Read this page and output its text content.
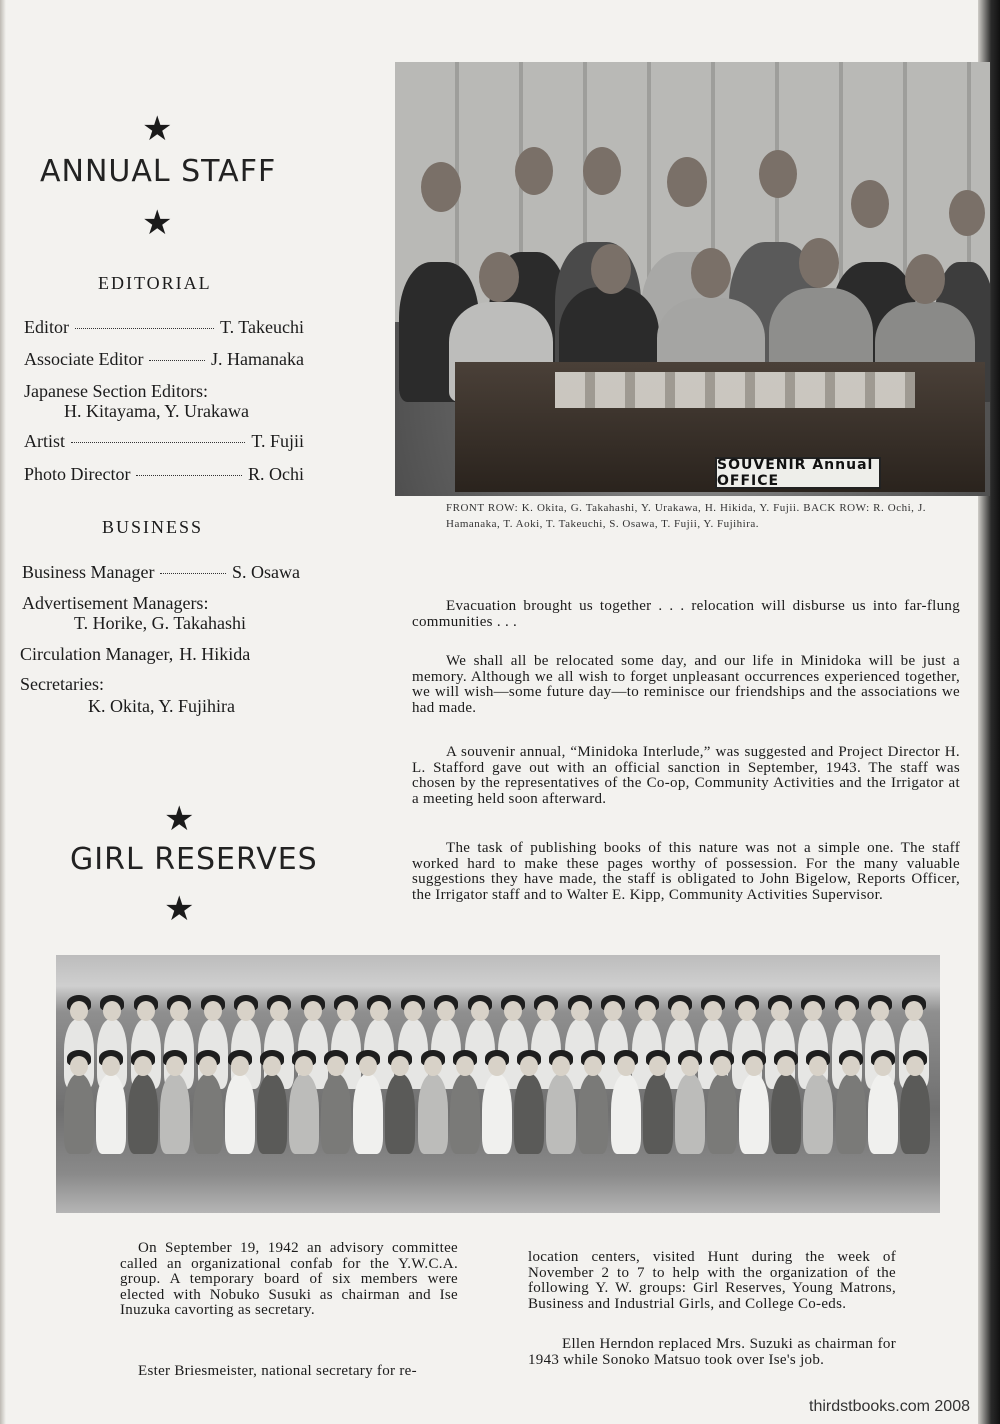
★
ANNUAL STAFF
★
EDITORIAL
Editor	T. Takeuchi
Associate Editor	J. Hamanaka
Japanese Section Editors:
H. Kitayama, Y. Urakawa
Artist	T. Fujii
Photo Director	R. Ochi
BUSINESS
Business Manager	S. Osawa
Advertisement Managers:
T. Horike, G. Takahashi
Circulation Manager, H. Hikida
Secretaries:
K. Okita, Y. Fujihira
SOUVENIR Annual OFFICE
FRONT ROW: K. Okita, G. Takahashi, Y. Urakawa, H. Hikida, Y. Fujii. BACK ROW: R. Ochi, J. Hamanaka, T. Aoki, T. Takeuchi, S. Osawa, T. Fujii, Y. Fujihira.
Evacuation brought us together . . . relocation will disburse us into far-flung communities . . .
We shall all be relocated some day, and our life in Minidoka will be just a memory. Although we all wish to forget unpleasant occurrences experienced together, we will wish—some future day—to reminisce our friendships and the associations we had made.
A souvenir annual, “Minidoka Interlude,” was suggested and Project Director H. L. Stafford gave out with an official sanction in September, 1943. The staff was chosen by the representatives of the Co-op, Community Activities and the Irrigator at a meeting held soon afterward.
The task of publishing books of this nature was not a simple one. The staff worked hard to make these pages worthy of possession. For the many valuable suggestions they have made, the staff is obligated to John Bigelow, Reports Officer, the Irrigator staff and to Walter E. Kipp, Community Activities Supervisor.
★
GIRL RESERVES
★
On September 19, 1942 an advisory committee called an organizational confab for the Y.W.C.A. group. A temporary board of six members were elected with Nobuko Susuki as chairman and Ise Inuzuka cavorting as secretary.
Ester Briesmeister, national secretary for re-
location centers, visited Hunt during the week of November 2 to 7 to help with the organization of the following Y. W. groups: Girl Reserves, Young Matrons, Business and Industrial Girls, and College Co-eds.
Ellen Herndon replaced Mrs. Suzuki as chairman for 1943 while Sonoko Matsuo took over Ise's job.
thirdstbooks.com 2008
